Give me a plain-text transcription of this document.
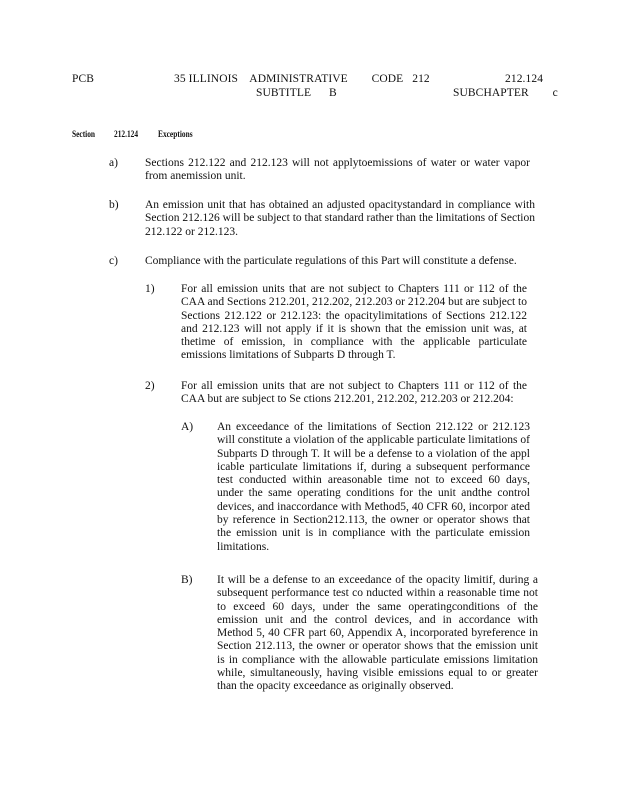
PCB	35 ILLINOIS    ADMINISTRATIVE        CODE   212
SUBTITLE      B
212.124
SUBCHAPTER        c
Section 212.124 Exceptions
a) Sections 212.122 and 212.123 will not applytoemissions of water or water vapor from anemission unit.
b) An emission unit that has obtained an adjusted opacitystandard in compliance with Section 212.126 will be subject to that standard rather than the limitations of Section 212.122 or 212.123.
c) Compliance with the particulate regulations of this Part will constitute a defense.
1) For all emission units that are not subject to Chapters 111 or 112 of the CAA and Sections 212.201, 212.202, 212.203 or 212.204 but are subject to Sections 212.122 or 212.123: the opacitylimitations of Sections 212.122 and 212.123 will not apply if it is shown that the emission unit was, at thetime of emission, in compliance with the applicable particulate emissions limitations of Subparts D through T.
2) For all emission units that are not subject to Chapters 111 or 112 of the CAA but are subject to Se ctions 212.201, 212.202, 212.203 or 212.204:
A) An exceedance of the limitations of Section 212.122 or 212.123 will constitute a violation of the applicable particulate limitations of Subparts D through T. It will be a defense to a violation of the appl icable particulate limitations if, during a subsequent performance test conducted within areasonable time not to exceed 60 days, under the same operating conditions for the unit andthe control devices, and inaccordance with Method5, 40 CFR 60, incorpor ated by reference in Section212.113, the owner or operator shows that the emission unit is in compliance with the particulate emission limitations.
B) It will be a defense to an exceedance of the opacity limitif, during a subsequent performance test co nducted within a reasonable time not to exceed 60 days, under the same operatingconditions of the emission unit and the control devices, and in accordance with Method 5, 40 CFR part 60, Appendix A, incorporated byreference in Section 212.113, the owner or operator shows that the emission unit is in compliance with the allowable particulate emissions limitation while, simultaneously, having visible emissions equal to or greater than the opacity exceedance as originally observed.
